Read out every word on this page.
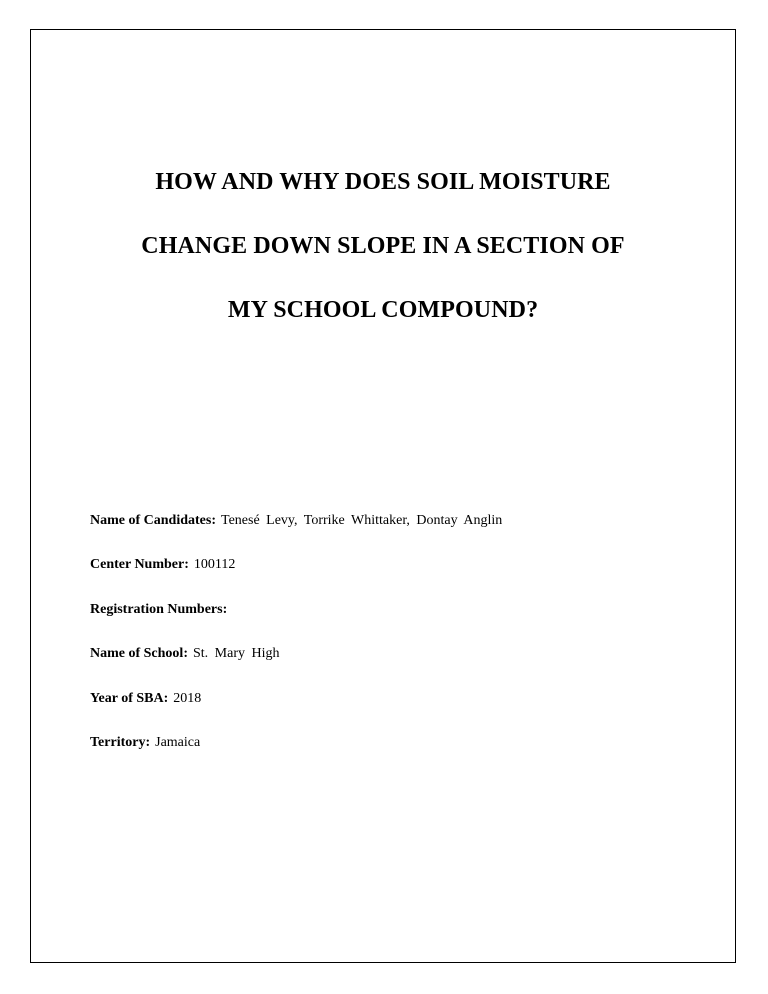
HOW AND WHY DOES SOIL MOISTURE
CHANGE DOWN SLOPE IN A SECTION OF
MY SCHOOL COMPOUND?
Name of Candidates: Tenesé Levy, Torrike Whittaker, Dontay Anglin
Center Number: 100112
Registration Numbers:
Name of School: St. Mary High
Year of SBA: 2018
Territory: Jamaica
